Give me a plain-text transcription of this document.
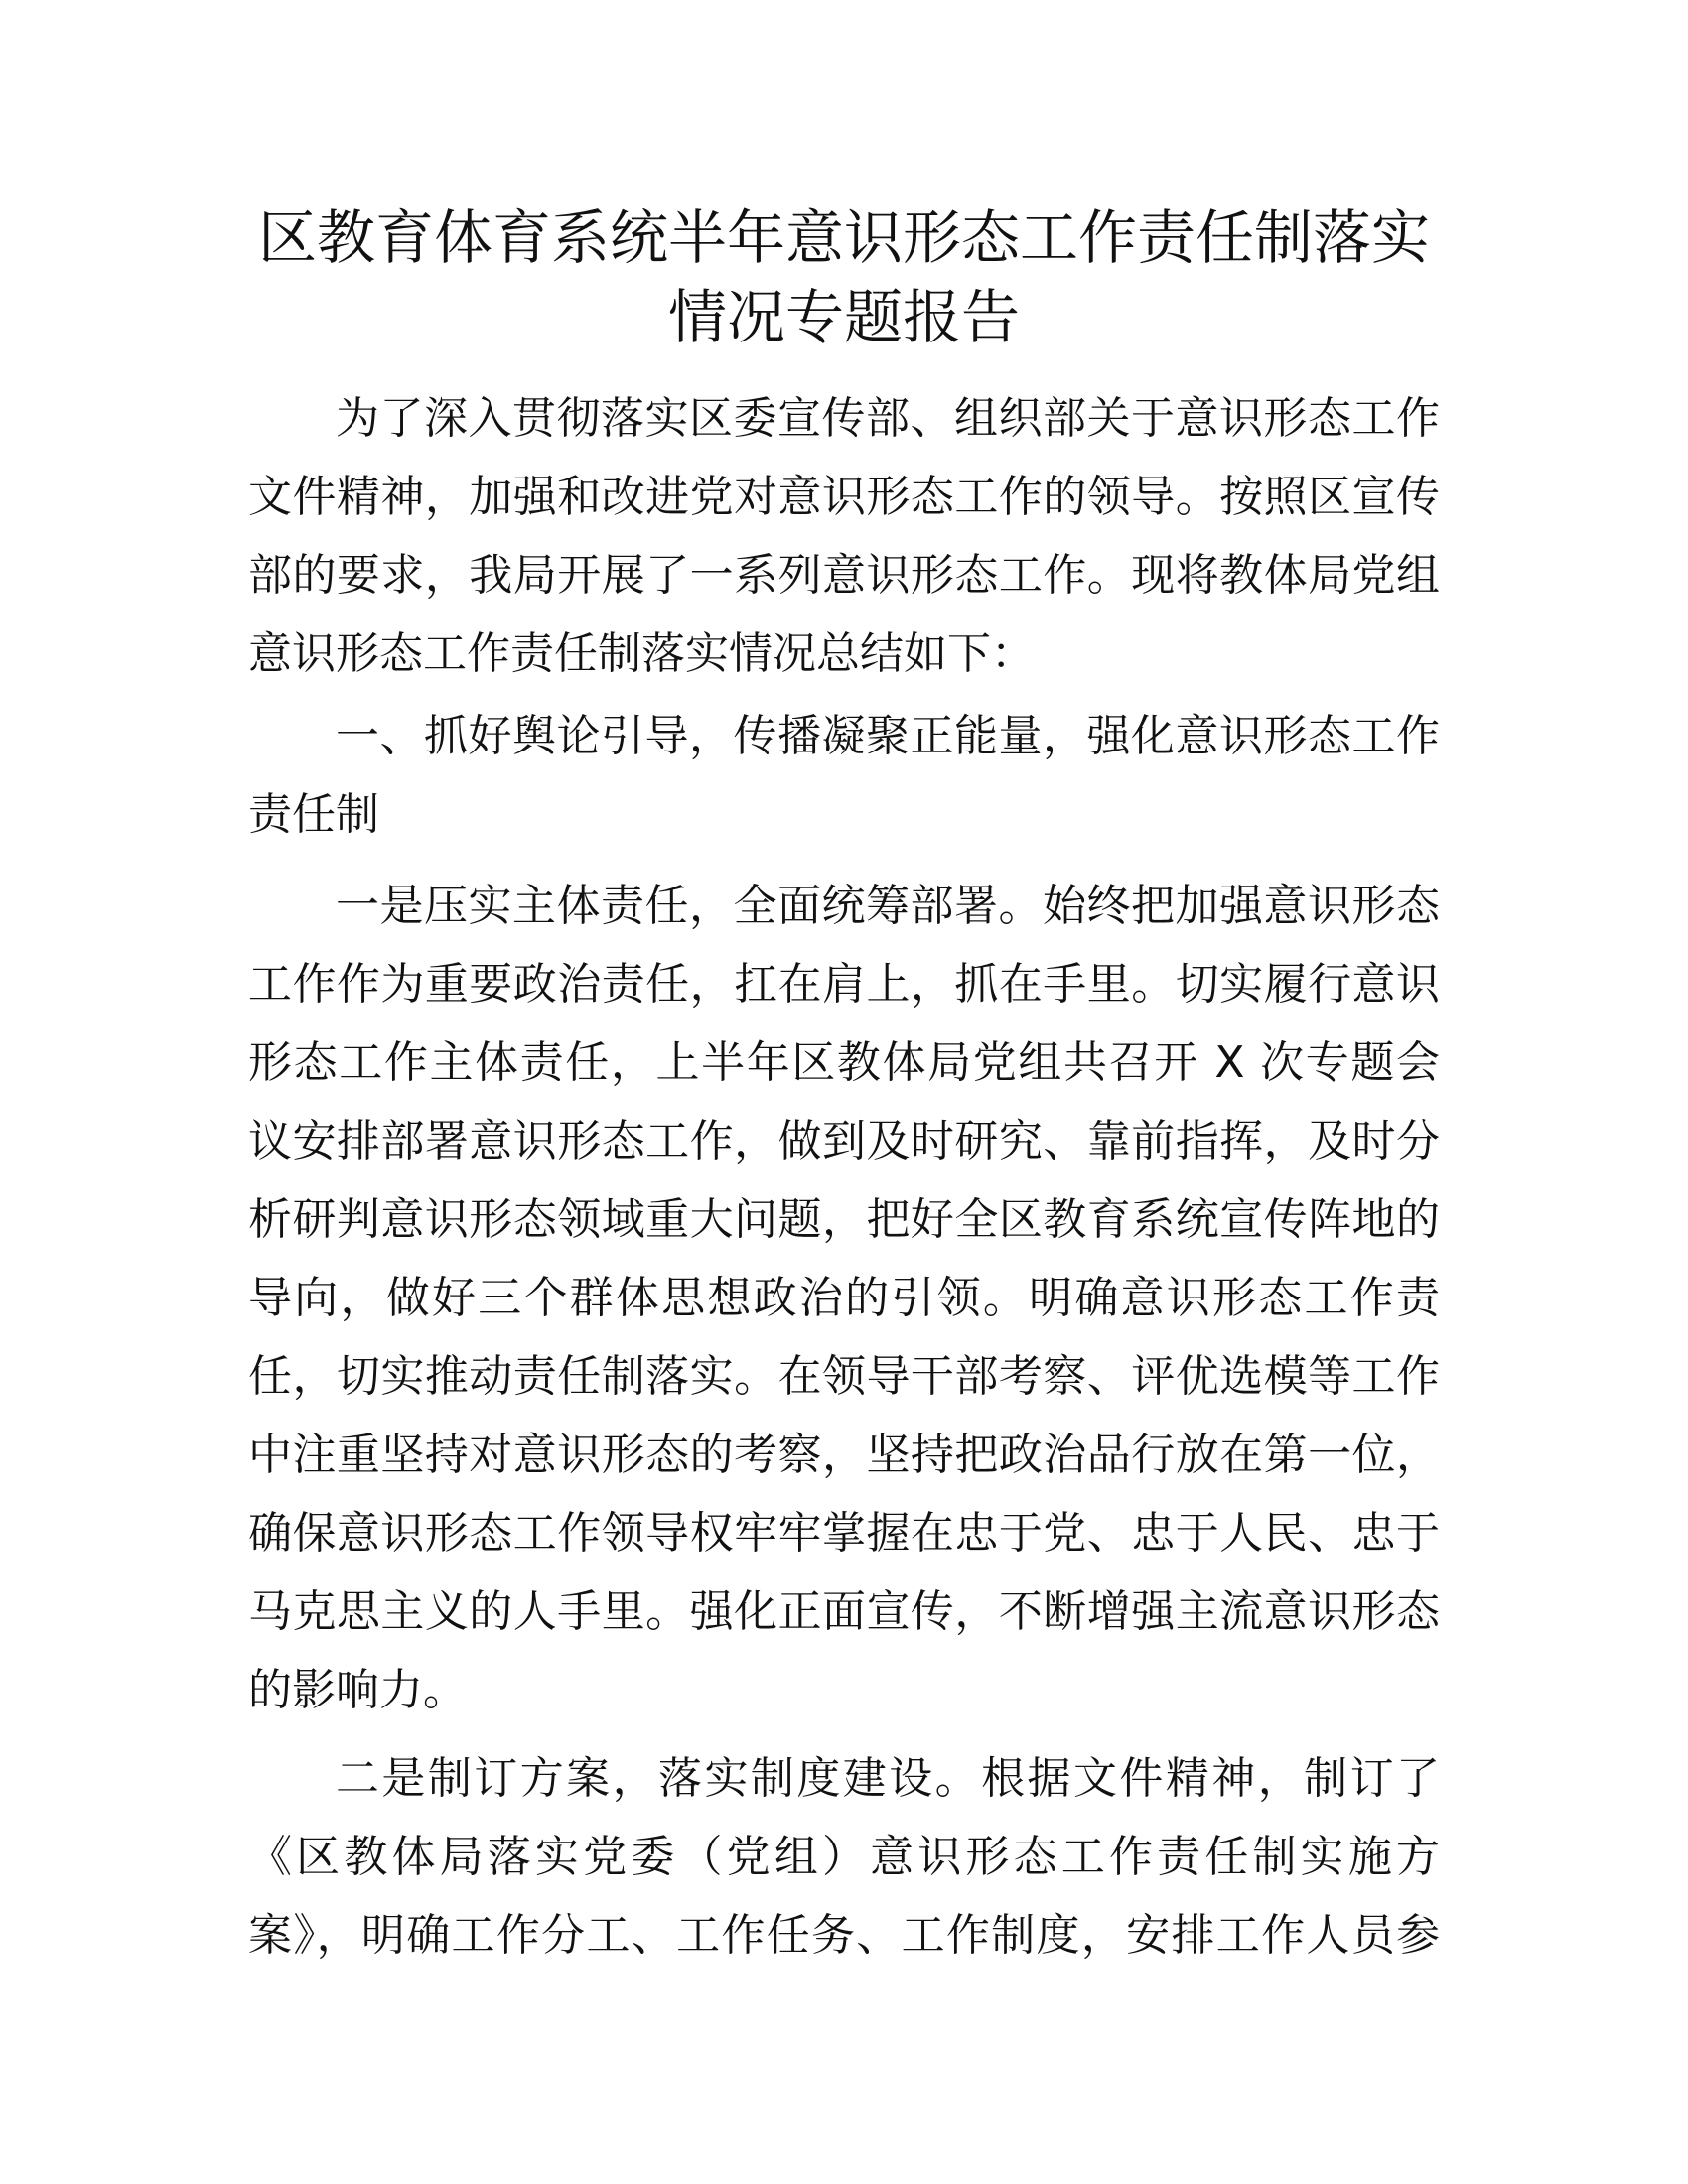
区教育体育系统半年意识形态工作责任制落实
情况专题报告
为了深入贯彻落实区委宣传部、组织部关于意识形态工作
文件精神，加强和改进党对意识形态工作的领导。按照区宣传
部的要求，我局开展了一系列意识形态工作。现将教体局党组
意识形态工作责任制落实情况总结如下：
一、抓好舆论引导，传播凝聚正能量，强化意识形态工作
责任制
一是压实主体责任，全面统筹部署。始终把加强意识形态
工作作为重要政治责任，扛在肩上，抓在手里。切实履行意识
形态工作主体责任，上半年区教体局党组共召开 X 次专题会
议安排部署意识形态工作，做到及时研究、靠前指挥，及时分
析研判意识形态领域重大问题，把好全区教育系统宣传阵地的
导向，做好三个群体思想政治的引领。明确意识形态工作责
任，切实推动责任制落实。在领导干部考察、评优选模等工作
中注重坚持对意识形态的考察，坚持把政治品行放在第一位，
确保意识形态工作领导权牢牢掌握在忠于党、忠于人民、忠于
马克思主义的人手里。强化正面宣传，不断增强主流意识形态
的影响力。
二是制订方案，落实制度建设。根据文件精神，制订了
《区教体局落实党委（党组）意识形态工作责任制实施方
案》，明确工作分工、工作任务、工作制度，安排工作人员参
